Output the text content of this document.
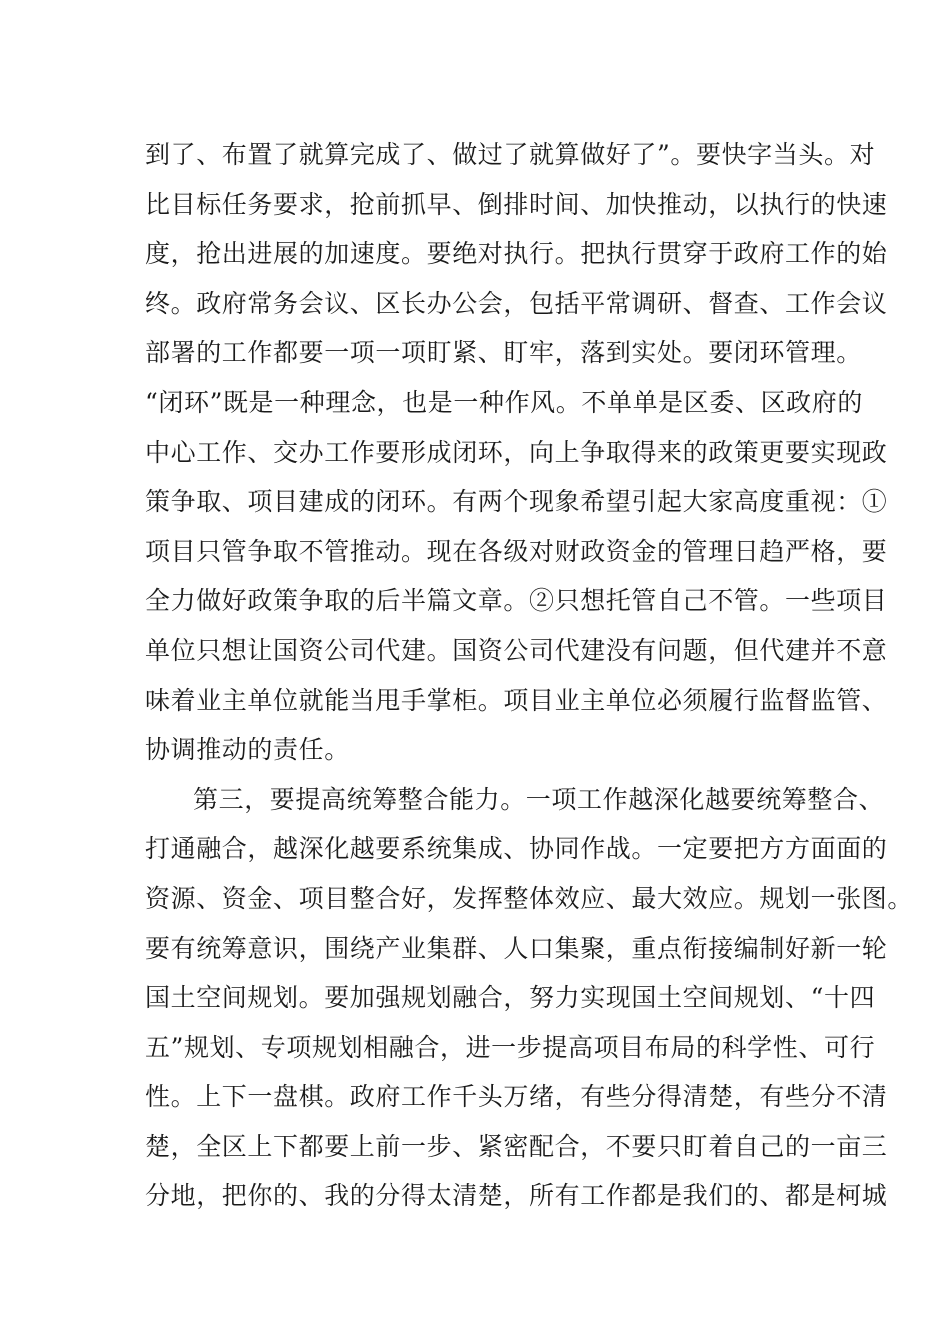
到了、布置了就算完成了、做过了就算做好了”。要快字当头。对
比目标任务要求，抢前抓早、倒排时间、加快推动，以执行的快速
度，抢出进展的加速度。要绝对执行。把执行贯穿于政府工作的始
终。政府常务会议、区长办公会，包括平常调研、督查、工作会议
部署的工作都要一项一项盯紧、盯牢，落到实处。要闭环管理。
“闭环”既是一种理念，也是一种作风。不单单是区委、区政府的
中心工作、交办工作要形成闭环，向上争取得来的政策更要实现政
策争取、项目建成的闭环。有两个现象希望引起大家高度重视：①
项目只管争取不管推动。现在各级对财政资金的管理日趋严格，要
全力做好政策争取的后半篇文章。②只想托管自己不管。一些项目
单位只想让国资公司代建。国资公司代建没有问题，但代建并不意
味着业主单位就能当甩手掌柜。项目业主单位必须履行监督监管、
协调推动的责任。
第三，要提高统筹整合能力。一项工作越深化越要统筹整合、
打通融合，越深化越要系统集成、协同作战。一定要把方方面面的
资源、资金、项目整合好，发挥整体效应、最大效应。规划一张图。
要有统筹意识，围绕产业集群、人口集聚，重点衔接编制好新一轮
国土空间规划。要加强规划融合，努力实现国土空间规划、“十四
五”规划、专项规划相融合，进一步提高项目布局的科学性、可行
性。上下一盘棋。政府工作千头万绪，有些分得清楚，有些分不清
楚，全区上下都要上前一步、紧密配合，不要只盯着自己的一亩三
分地，把你的、我的分得太清楚，所有工作都是我们的、都是柯城
